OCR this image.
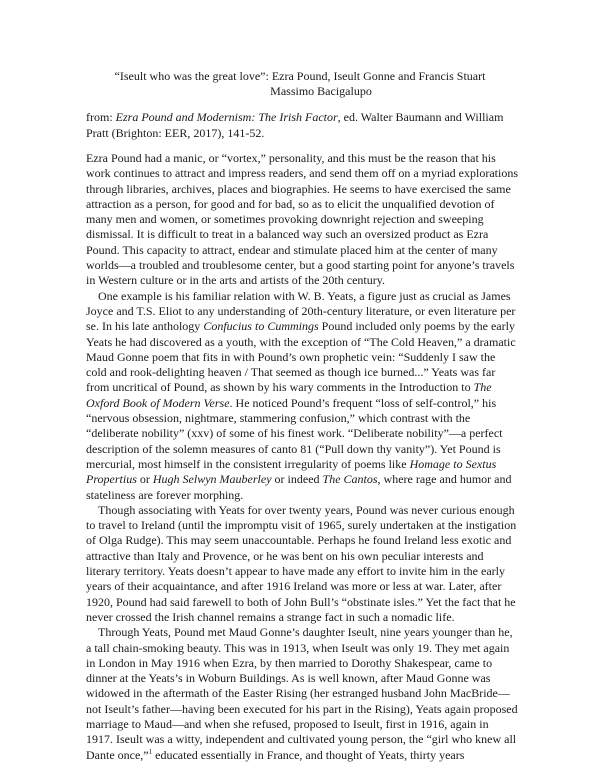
“Iseult who was the great love”: Ezra Pound, Iseult Gonne and Francis Stuart
Massimo Bacigalupo
from: Ezra Pound and Modernism: The Irish Factor, ed. Walter Baumann and William Pratt (Brighton: EER, 2017), 141-52.

Ezra Pound had a manic, or “vortex,” personality, and this must be the reason that his work continues to attract and impress readers, and send them off on a myriad explorations through libraries, archives, places and biographies. He seems to have exercised the same attraction as a person, for good and for bad, so as to elicit the unqualified devotion of many men and women, or sometimes provoking downright rejection and sweeping dismissal. It is difficult to treat in a balanced way such an oversized product as Ezra Pound. This capacity to attract, endear and stimulate placed him at the center of many worlds—a troubled and troublesome center, but a good starting point for anyone’s travels in Western culture or in the arts and artists of the 20th century.

One example is his familiar relation with W. B. Yeats, a figure just as crucial as James Joyce and T.S. Eliot to any understanding of 20th-century literature, or even literature per se. In his late anthology Confucius to Cummings Pound included only poems by the early Yeats he had discovered as a youth, with the exception of “The Cold Heaven,” a dramatic Maud Gonne poem that fits in with Pound’s own prophetic vein: “Suddenly I saw the cold and rook-delighting heaven / That seemed as though ice burned...” Yeats was far from uncritical of Pound, as shown by his wary comments in the Introduction to The Oxford Book of Modern Verse. He noticed Pound’s frequent “loss of self-control,” his “nervous obsession, nightmare, stammering confusion,” which contrast with the “deliberate nobility” (xxv) of some of his finest work. “Deliberate nobility”—a perfect description of the solemn measures of canto 81 (“Pull down thy vanity”). Yet Pound is mercurial, most himself in the consistent irregularity of poems like Homage to Sextus Propertius or Hugh Selwyn Mauberley or indeed The Cantos, where rage and humor and stateliness are forever morphing.

Though associating with Yeats for over twenty years, Pound was never curious enough to travel to Ireland (until the impromptu visit of 1965, surely undertaken at the instigation of Olga Rudge). This may seem unaccountable. Perhaps he found Ireland less exotic and attractive than Italy and Provence, or he was bent on his own peculiar interests and literary territory. Yeats doesn’t appear to have made any effort to invite him in the early years of their acquaintance, and after 1916 Ireland was more or less at war. Later, after 1920, Pound had said farewell to both of John Bull’s “obstinate isles.” Yet the fact that he never crossed the Irish channel remains a strange fact in such a nomadic life.

Through Yeats, Pound met Maud Gonne’s daughter Iseult, nine years younger than he, a tall chain-smoking beauty. This was in 1913, when Iseult was only 19. They met again in London in May 1916 when Ezra, by then married to Dorothy Shakespear, came to dinner at the Yeats’s in Woburn Buildings. As is well known, after Maud Gonne was widowed in the aftermath of the Easter Rising (her estranged husband John MacBride—not Iseult’s father—having been executed for his part in the Rising), Yeats again proposed marriage to Maud—and when she refused, proposed to Iseult, first in 1916, again in 1917. Iseult was a witty, independent and cultivated young person, the “girl who knew all Dante once,”$^1$ educated essentially in France, and thought of Yeats, thirty years
